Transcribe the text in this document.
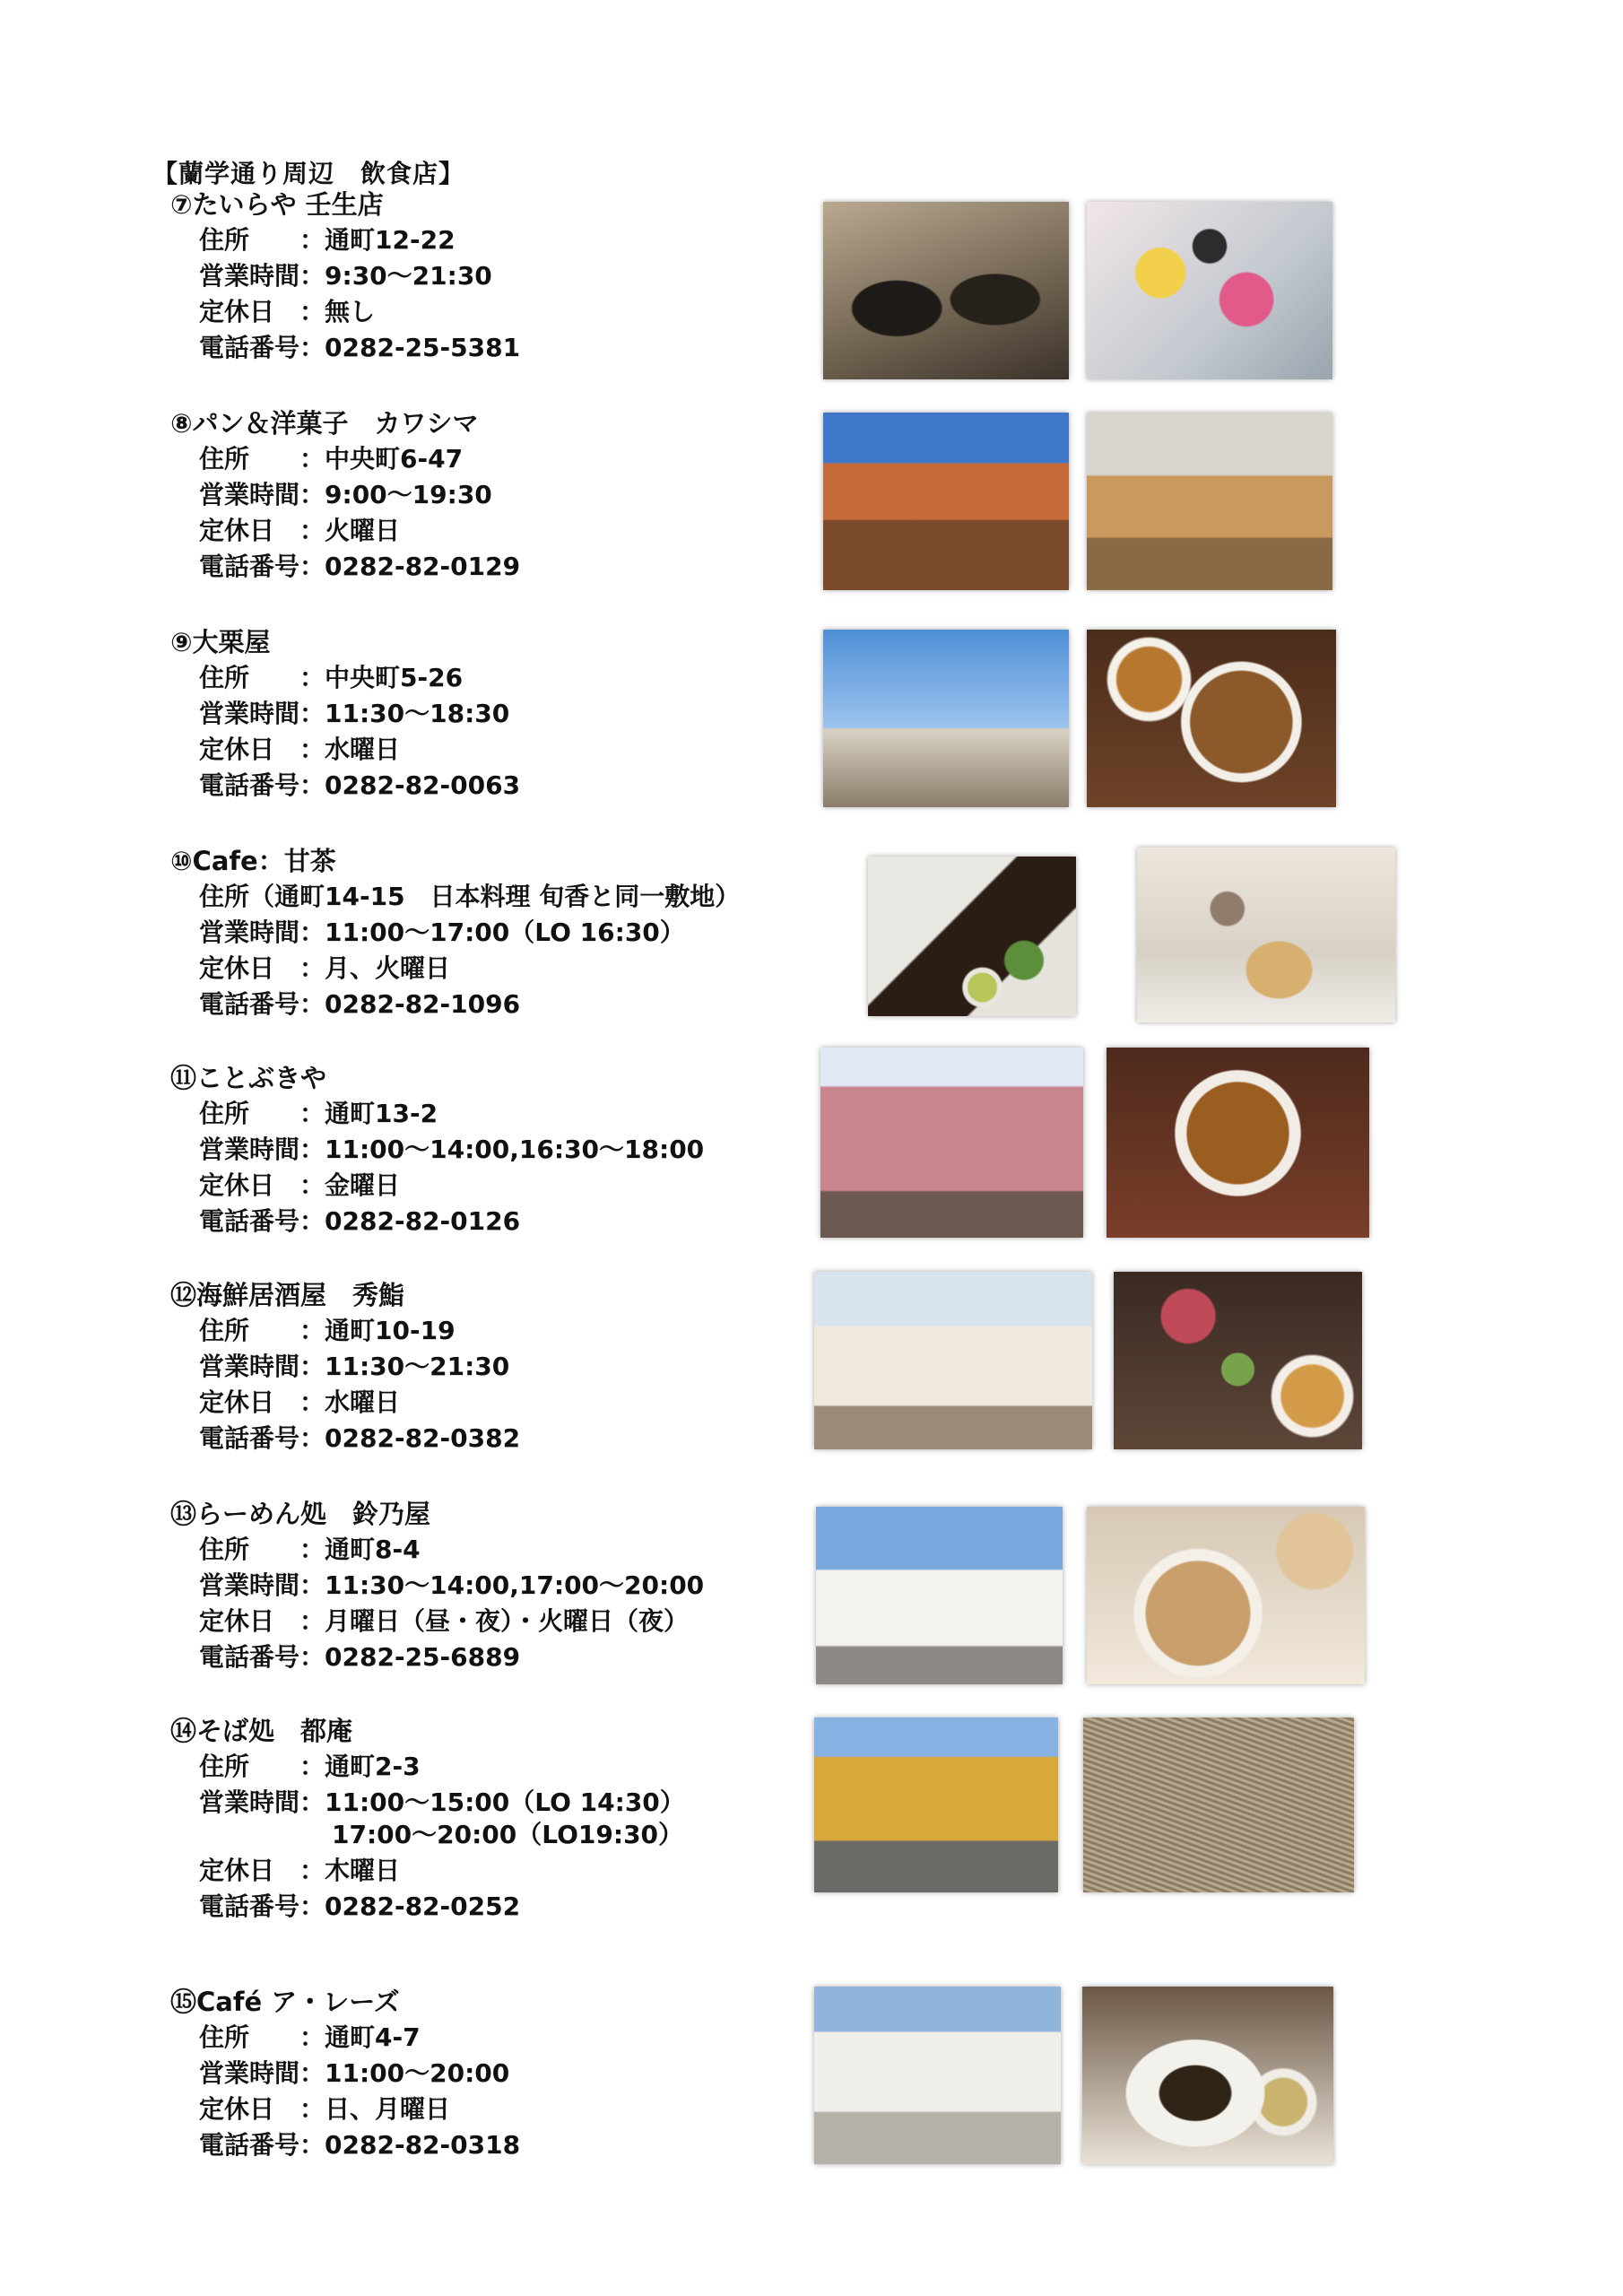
【蘭学通り周辺　飲食店】
⑦たいらや 壬生店
住所 ：通町12-22
営業時間：9:30～21:30
定休日 ：無し
電話番号：0282-25-5381
⑧パン＆洋菓子　カワシマ
住所 ：中央町6-47
営業時間：9:00～19:30
定休日 ：火曜日
電話番号：0282-82-0129
⑨大栗屋
住所 ：中央町5-26
営業時間：11:30～18:30
定休日 ：水曜日
電話番号：0282-82-0063
⑩Cafe：甘茶
住所（通町14-15　日本料理 旬香と同一敷地）
営業時間：11:00～17:00（LO 16:30）
定休日 ：月、火曜日
電話番号：0282-82-1096
⑪ことぶきや
住所 ：通町13-2
営業時間：11:00～14:00,16:30～18:00
定休日 ：金曜日
電話番号：0282-82-0126
⑫海鮮居酒屋　秀鮨
住所 ：通町10-19
営業時間：11:30～21:30
定休日 ：水曜日
電話番号：0282-82-0382
⑬らーめん処　鈴乃屋
住所 ：通町8-4
営業時間：11:30～14:00,17:00～20:00
定休日 ：月曜日（昼・夜）・火曜日（夜）
電話番号：0282-25-6889
⑭そば処　都庵
住所 ：通町2-3
営業時間：11:00～15:00（LO 14:30）
17:00～20:00（LO19:30）
定休日 ：木曜日
電話番号：0282-82-0252
⑮Café ア・レーズ
住所 ：通町4-7
営業時間：11:00～20:00
定休日 ：日、月曜日
電話番号：0282-82-0318
